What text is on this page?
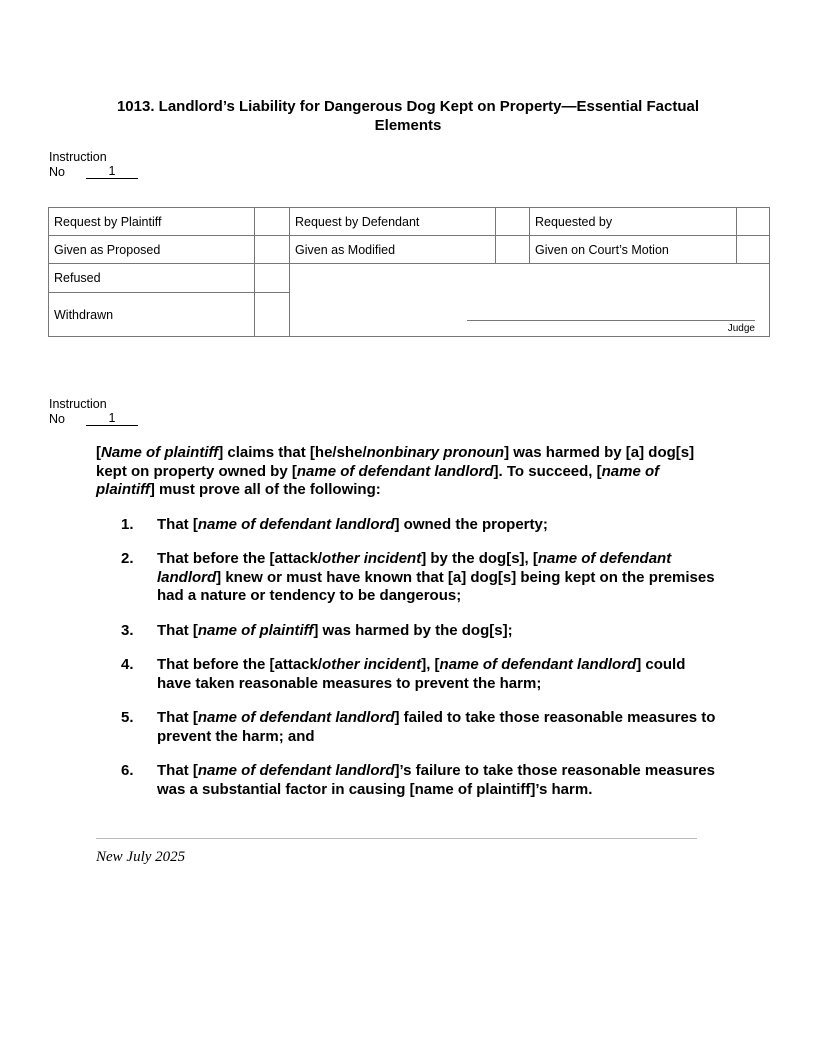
1013. Landlord’s Liability for Dangerous Dog Kept on Property—Essential Factual Elements
Instruction
No	1
Request by Plaintiff		Request by Defendant		Requested by	
Given as Proposed		Given as Modified		Given on Court’s Motion	
Refused		Judge			

Withdrawn					
Instruction
No	1

[Name of plaintiff] claims that [he/she/nonbinary pronoun] was harmed by [a] dog[s] kept on property owned by [name of defendant landlord]. To succeed, [name of plaintiff] must prove all of the following:

1.	That [name of defendant landlord] owned the property;
2.	That before the [attack/other incident] by the dog[s], [name of defendant landlord] knew or must have known that [a] dog[s] being kept on the premises had a nature or tendency to be dangerous;
3.	That [name of plaintiff] was harmed by the dog[s];
4.	That before the [attack/other incident], [name of defendant landlord] could have taken reasonable measures to prevent the harm;
5.	That [name of defendant landlord] failed to take those reasonable measures to prevent the harm; and
6.	That [name of defendant landlord]’s failure to take those reasonable measures was a substantial factor in causing [name of plaintiff]’s harm.
New July 2025
